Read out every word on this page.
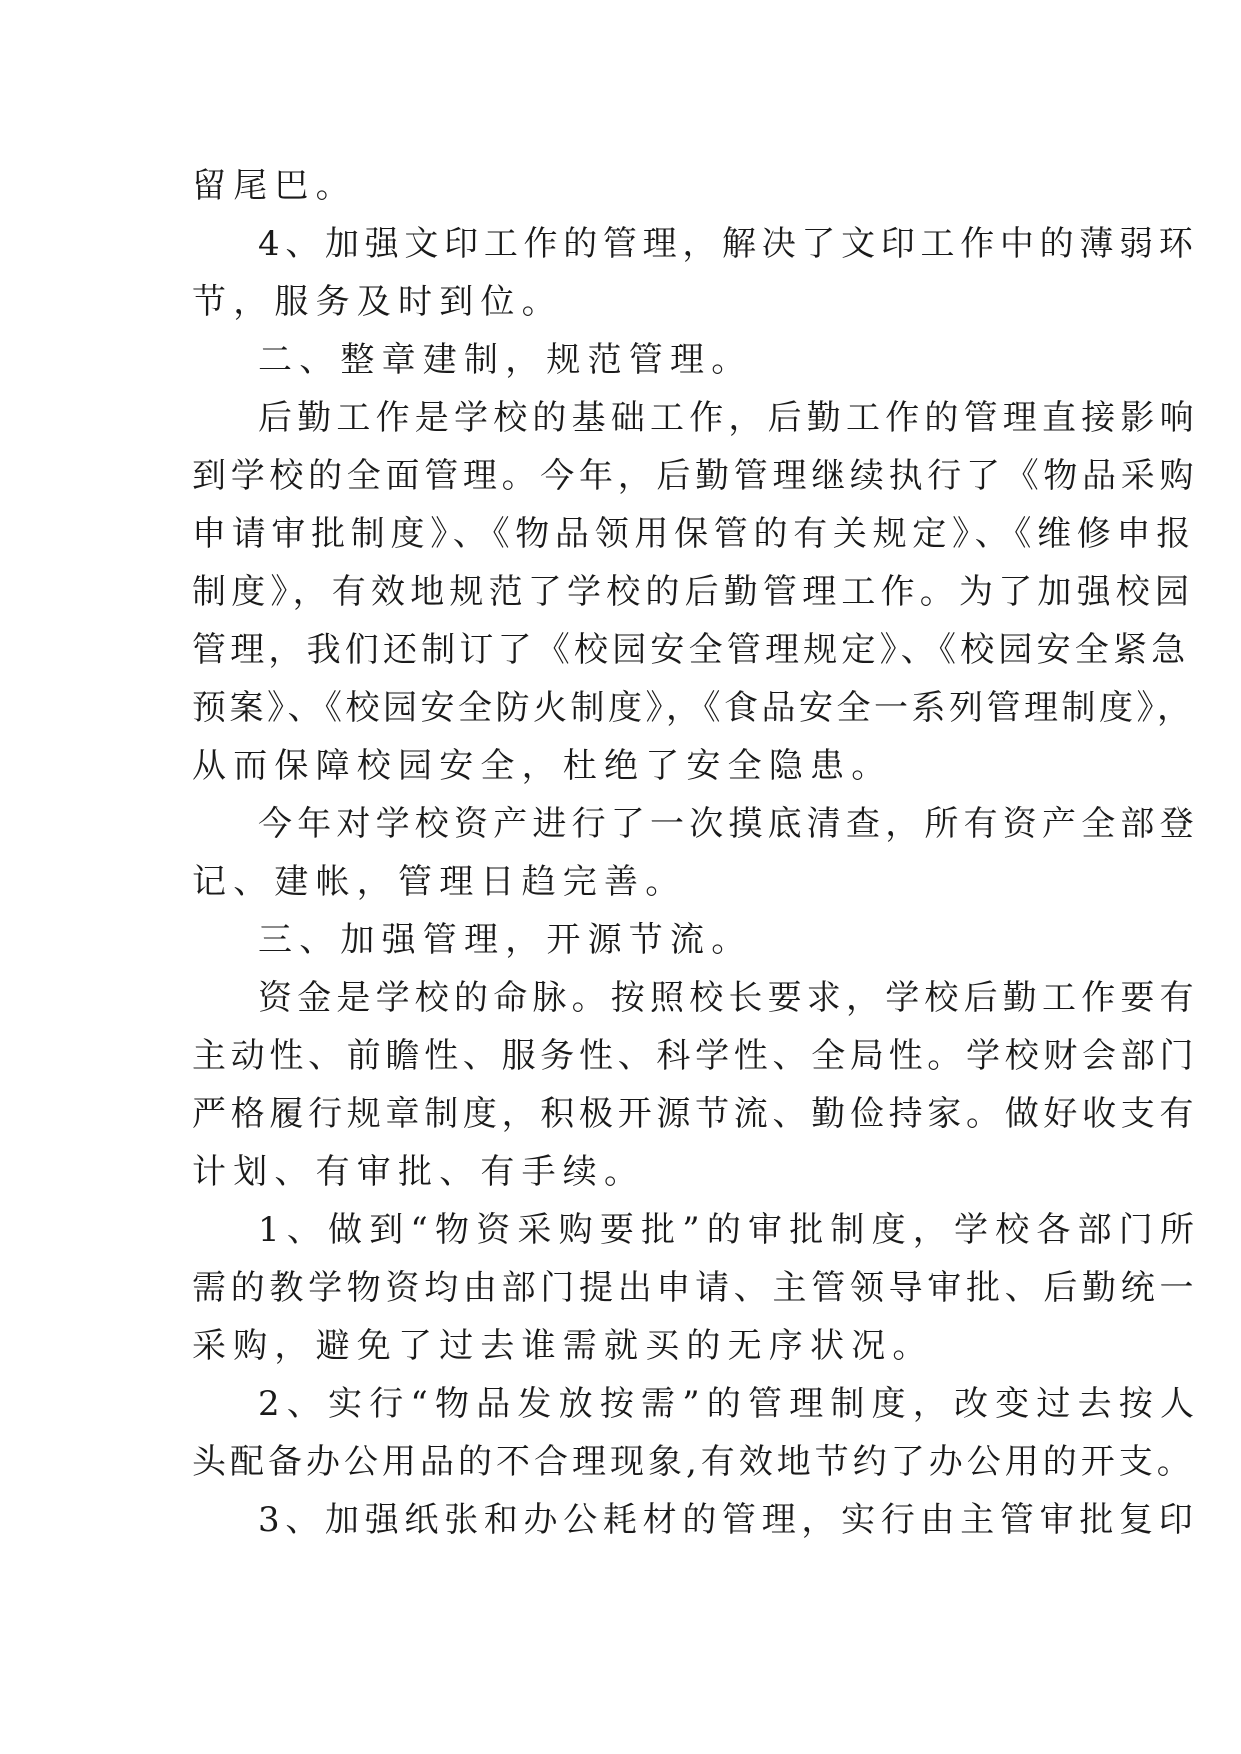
留尾巴。

4、加强文印工作的管理，解决了文印工作中的薄弱环

节，服务及时到位。

二、整章建制，规范管理。

后勤工作是学校的基础工作，后勤工作的管理直接影响

到学校的全面管理。今年，后勤管理继续执行了《物品采购

申请审批制度》、《物品领用保管的有关规定》、《维修申报

制度》，有效地规范了学校的后勤管理工作。为了加强校园

管理，我们还制订了《校园安全管理规定》、《校园安全紧急

预案》、《校园安全防火制度》，《食品安全一系列管理制度》，

从而保障校园安全，杜绝了安全隐患。

今年对学校资产进行了一次摸底清查，所有资产全部登

记、建帐，管理日趋完善。

三、加强管理，开源节流。

资金是学校的命脉。按照校长要求，学校后勤工作要有

主动性、前瞻性、服务性、科学性、全局性。学校财会部门

严格履行规章制度，积极开源节流、勤俭持家。做好收支有

计划、有审批、有手续。

1、做到“物资采购要批”的审批制度，学校各部门所

需的教学物资均由部门提出申请、主管领导审批、后勤统一

采购，避免了过去谁需就买的无序状况。

2、实行“物品发放按需”的管理制度，改变过去按人

头配备办公用品的不合理现象,有效地节约了办公用的开支。

3、加强纸张和办公耗材的管理，实行由主管审批复印
